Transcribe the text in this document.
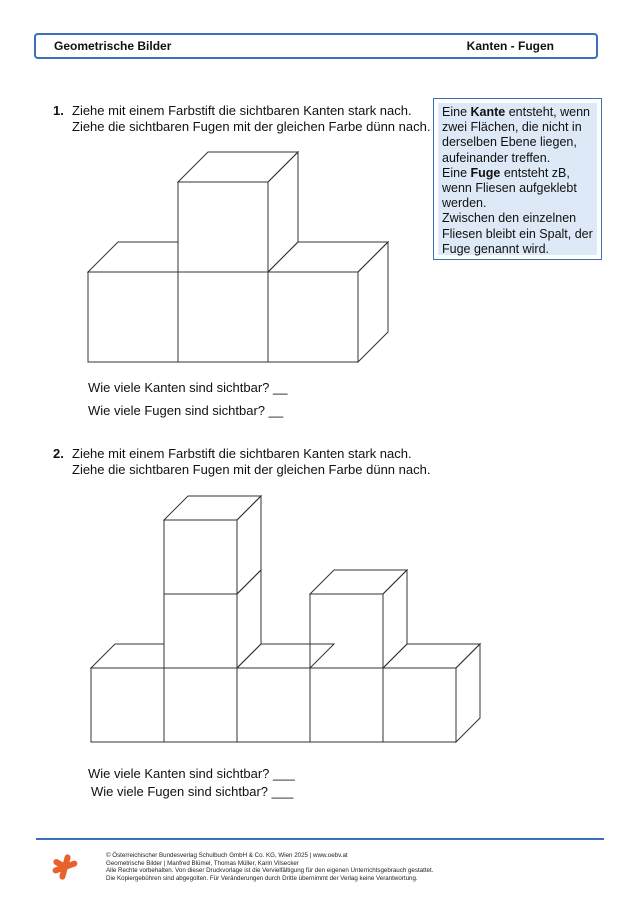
Geometrische Bilder	Kanten - Fugen
1. Ziehe mit einem Farbstift die sichtbaren Kanten stark nach.
Ziehe die sichtbaren Fugen mit der gleichen Farbe dünn nach.
Eine Kante entsteht, wenn zwei Flächen, die nicht in derselben Ebene liegen, aufeinander treffen.
Eine Fuge entsteht zB, wenn Fliesen aufgeklebt werden.
Zwischen den einzelnen Fliesen bleibt ein Spalt, der Fuge genannt wird.
Wie viele Kanten sind sichtbar? __
Wie viele Fugen sind sichtbar? __
2. Ziehe mit einem Farbstift die sichtbaren Kanten stark nach.
Ziehe die sichtbaren Fugen mit der gleichen Farbe dünn nach.
Wie viele Kanten sind sichtbar? ___
Wie viele Fugen sind sichtbar? ___
© Österreichischer Bundesverlag Schulbuch GmbH & Co. KG, Wien 2025 | www.oebv.at
Geometrische Bilder | Manfred Blümel, Thomas Müller, Karin Vilsecker
Alle Rechte vorbehalten. Von dieser Druckvorlage ist die Vervielfältigung für den eigenen Unterrichtsgebrauch gestattet.
Die Kopiergebühren sind abgegolten. Für Veränderungen durch Dritte übernimmt der Verlag keine Verantwortung.
